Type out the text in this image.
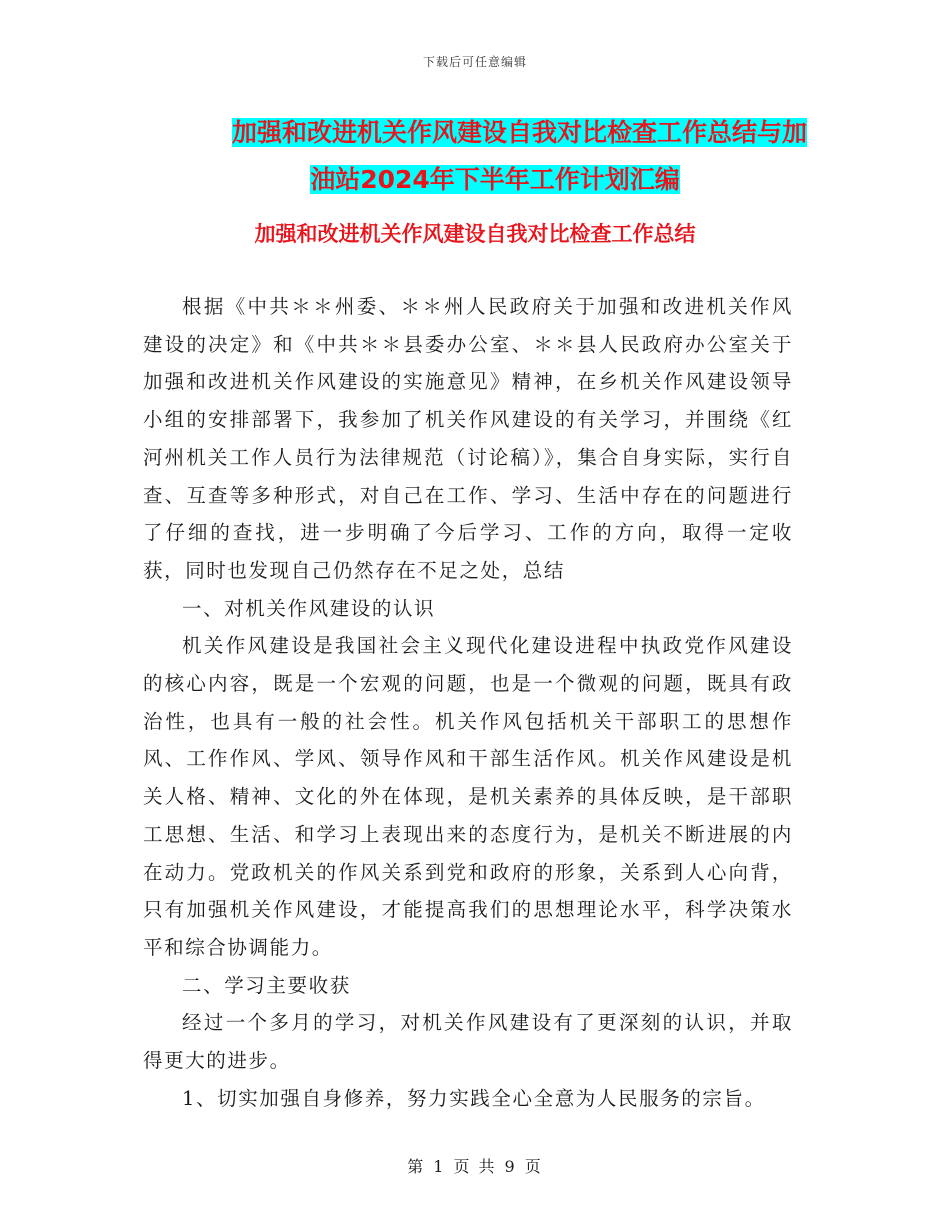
下载后可任意编辑
加强和改进机关作风建设自我对比检查工作总结与加
油站2024年下半年工作计划汇编
加强和改进机关作风建设自我对比检查工作总结

根据《中共＊＊州委、＊＊州人民政府关于加强和改进机关作风建设的决定》和《中共＊＊县委办公室、＊＊县人民政府办公室关于加强和改进机关作风建设的实施意见》精神，在乡机关作风建设领导小组的安排部署下，我参加了机关作风建设的有关学习，并围绕《红河州机关工作人员行为法律规范（讨论稿）》，集合自身实际，实行自查、互查等多种形式，对自己在工作、学习、生活中存在的问题进行了仔细的查找，进一步明确了今后学习、工作的方向，取得一定收获，同时也发现自己仍然存在不足之处，总结

一、对机关作风建设的认识

机关作风建设是我国社会主义现代化建设进程中执政党作风建设的核心内容，既是一个宏观的问题，也是一个微观的问题，既具有政治性，也具有一般的社会性。机关作风包括机关干部职工的思想作风、工作作风、学风、领导作风和干部生活作风。机关作风建设是机关人格、精神、文化的外在体现，是机关素养的具体反映，是干部职工思想、生活、和学习上表现出来的态度行为，是机关不断进展的内在动力。党政机关的作风关系到党和政府的形象，关系到人心向背，只有加强机关作风建设，才能提高我们的思想理论水平，科学决策水平和综合协调能力。

二、学习主要收获

经过一个多月的学习，对机关作风建设有了更深刻的认识，并取得更大的进步。

1、切实加强自身修养，努力实践全心全意为人民服务的宗旨。

第 1 页 共 9 页
